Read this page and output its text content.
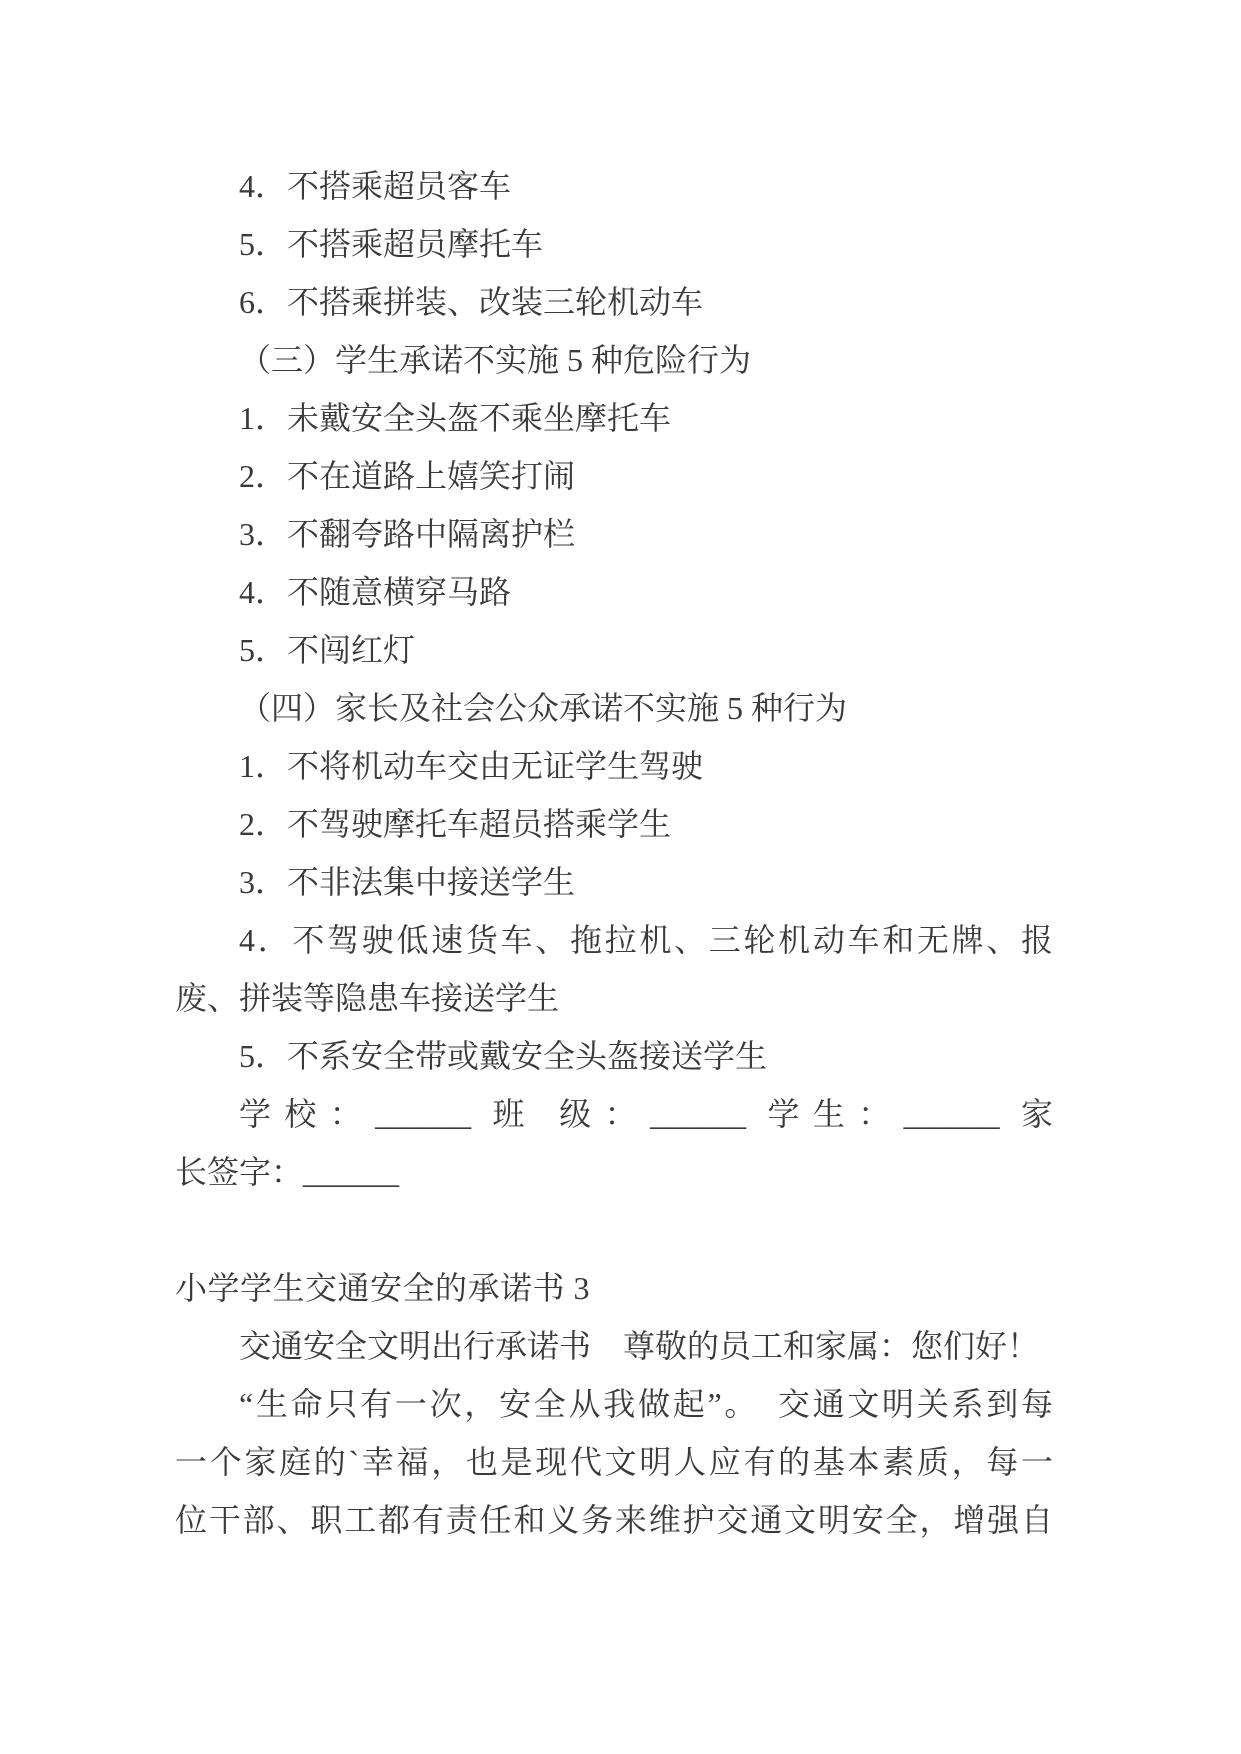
4．不搭乘超员客车
5．不搭乘超员摩托车
6．不搭乘拼装、改装三轮机动车
（三）学生承诺不实施 5 种危险行为
1．未戴安全头盔不乘坐摩托车
2．不在道路上嬉笑打闹
3．不翻夸路中隔离护栏
4．不随意横穿马路
5．不闯红灯
（四）家长及社会公众承诺不实施 5 种行为
1．不将机动车交由无证学生驾驶
2．不驾驶摩托车超员搭乘学生
3．不非法集中接送学生
4．不驾驶低速货车、拖拉机、三轮机动车和无牌、报
废、拼装等隐患车接送学生
5．不系安全带或戴安全头盔接送学生
学校：______ 班 级：______ 学生：______ 家
长签字：______
小学学生交通安全的承诺书 3
交通安全文明出行承诺书　尊敬的员工和家属：您们好！
“生命只有一次，安全从我做起”。　交通文明关系到每
一个家庭的`幸福，也是现代文明人应有的基本素质，每一
位干部、职工都有责任和义务来维护交通文明安全，增强自
